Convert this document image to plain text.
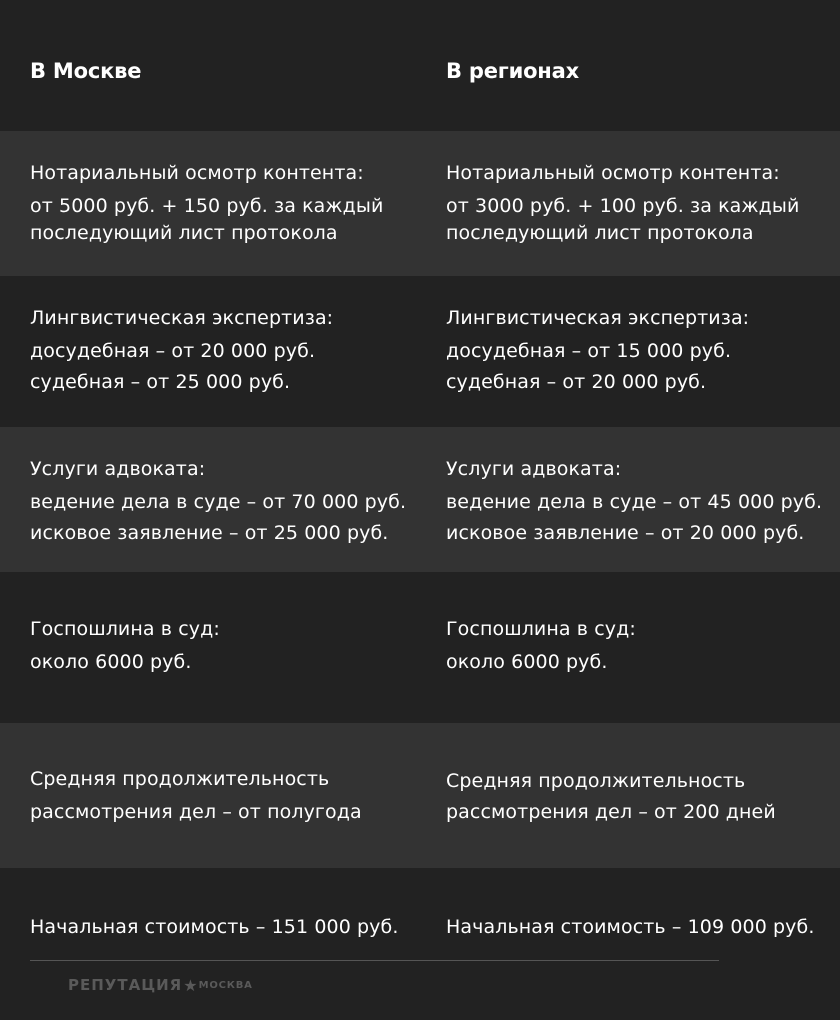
В Москве	В регионах
Нотариальный осмотр контента:
от 5000 руб. + 150 руб. за каждый
последующий лист протокола
Нотариальный осмотр контента:
от 3000 руб. + 100 руб. за каждый
последующий лист протокола
Лингвистическая экспертиза:
досудебная – от 20 000 руб.
судебная – от 25 000 руб.
Лингвистическая экспертиза:
досудебная – от 15 000 руб.
судебная – от 20 000 руб.
Услуги адвоката:
ведение дела в суде – от 70 000 руб.
исковое заявление – от 25 000 руб.
Услуги адвоката:
ведение дела в суде – от 45 000 руб.
исковое заявление – от 20 000 руб.
Госпошлина в суд:
около 6000 руб.
Госпошлина в суд:
около 6000 руб.
Средняя продолжительность
рассмотрения дел – от полугода
Средняя продолжительность
рассмотрения дел – от 200 дней
Начальная стоимость – 151 000 руб.	Начальная стоимость – 109 000 руб.
РЕПУТАЦИЯ ★ МОСКВА
